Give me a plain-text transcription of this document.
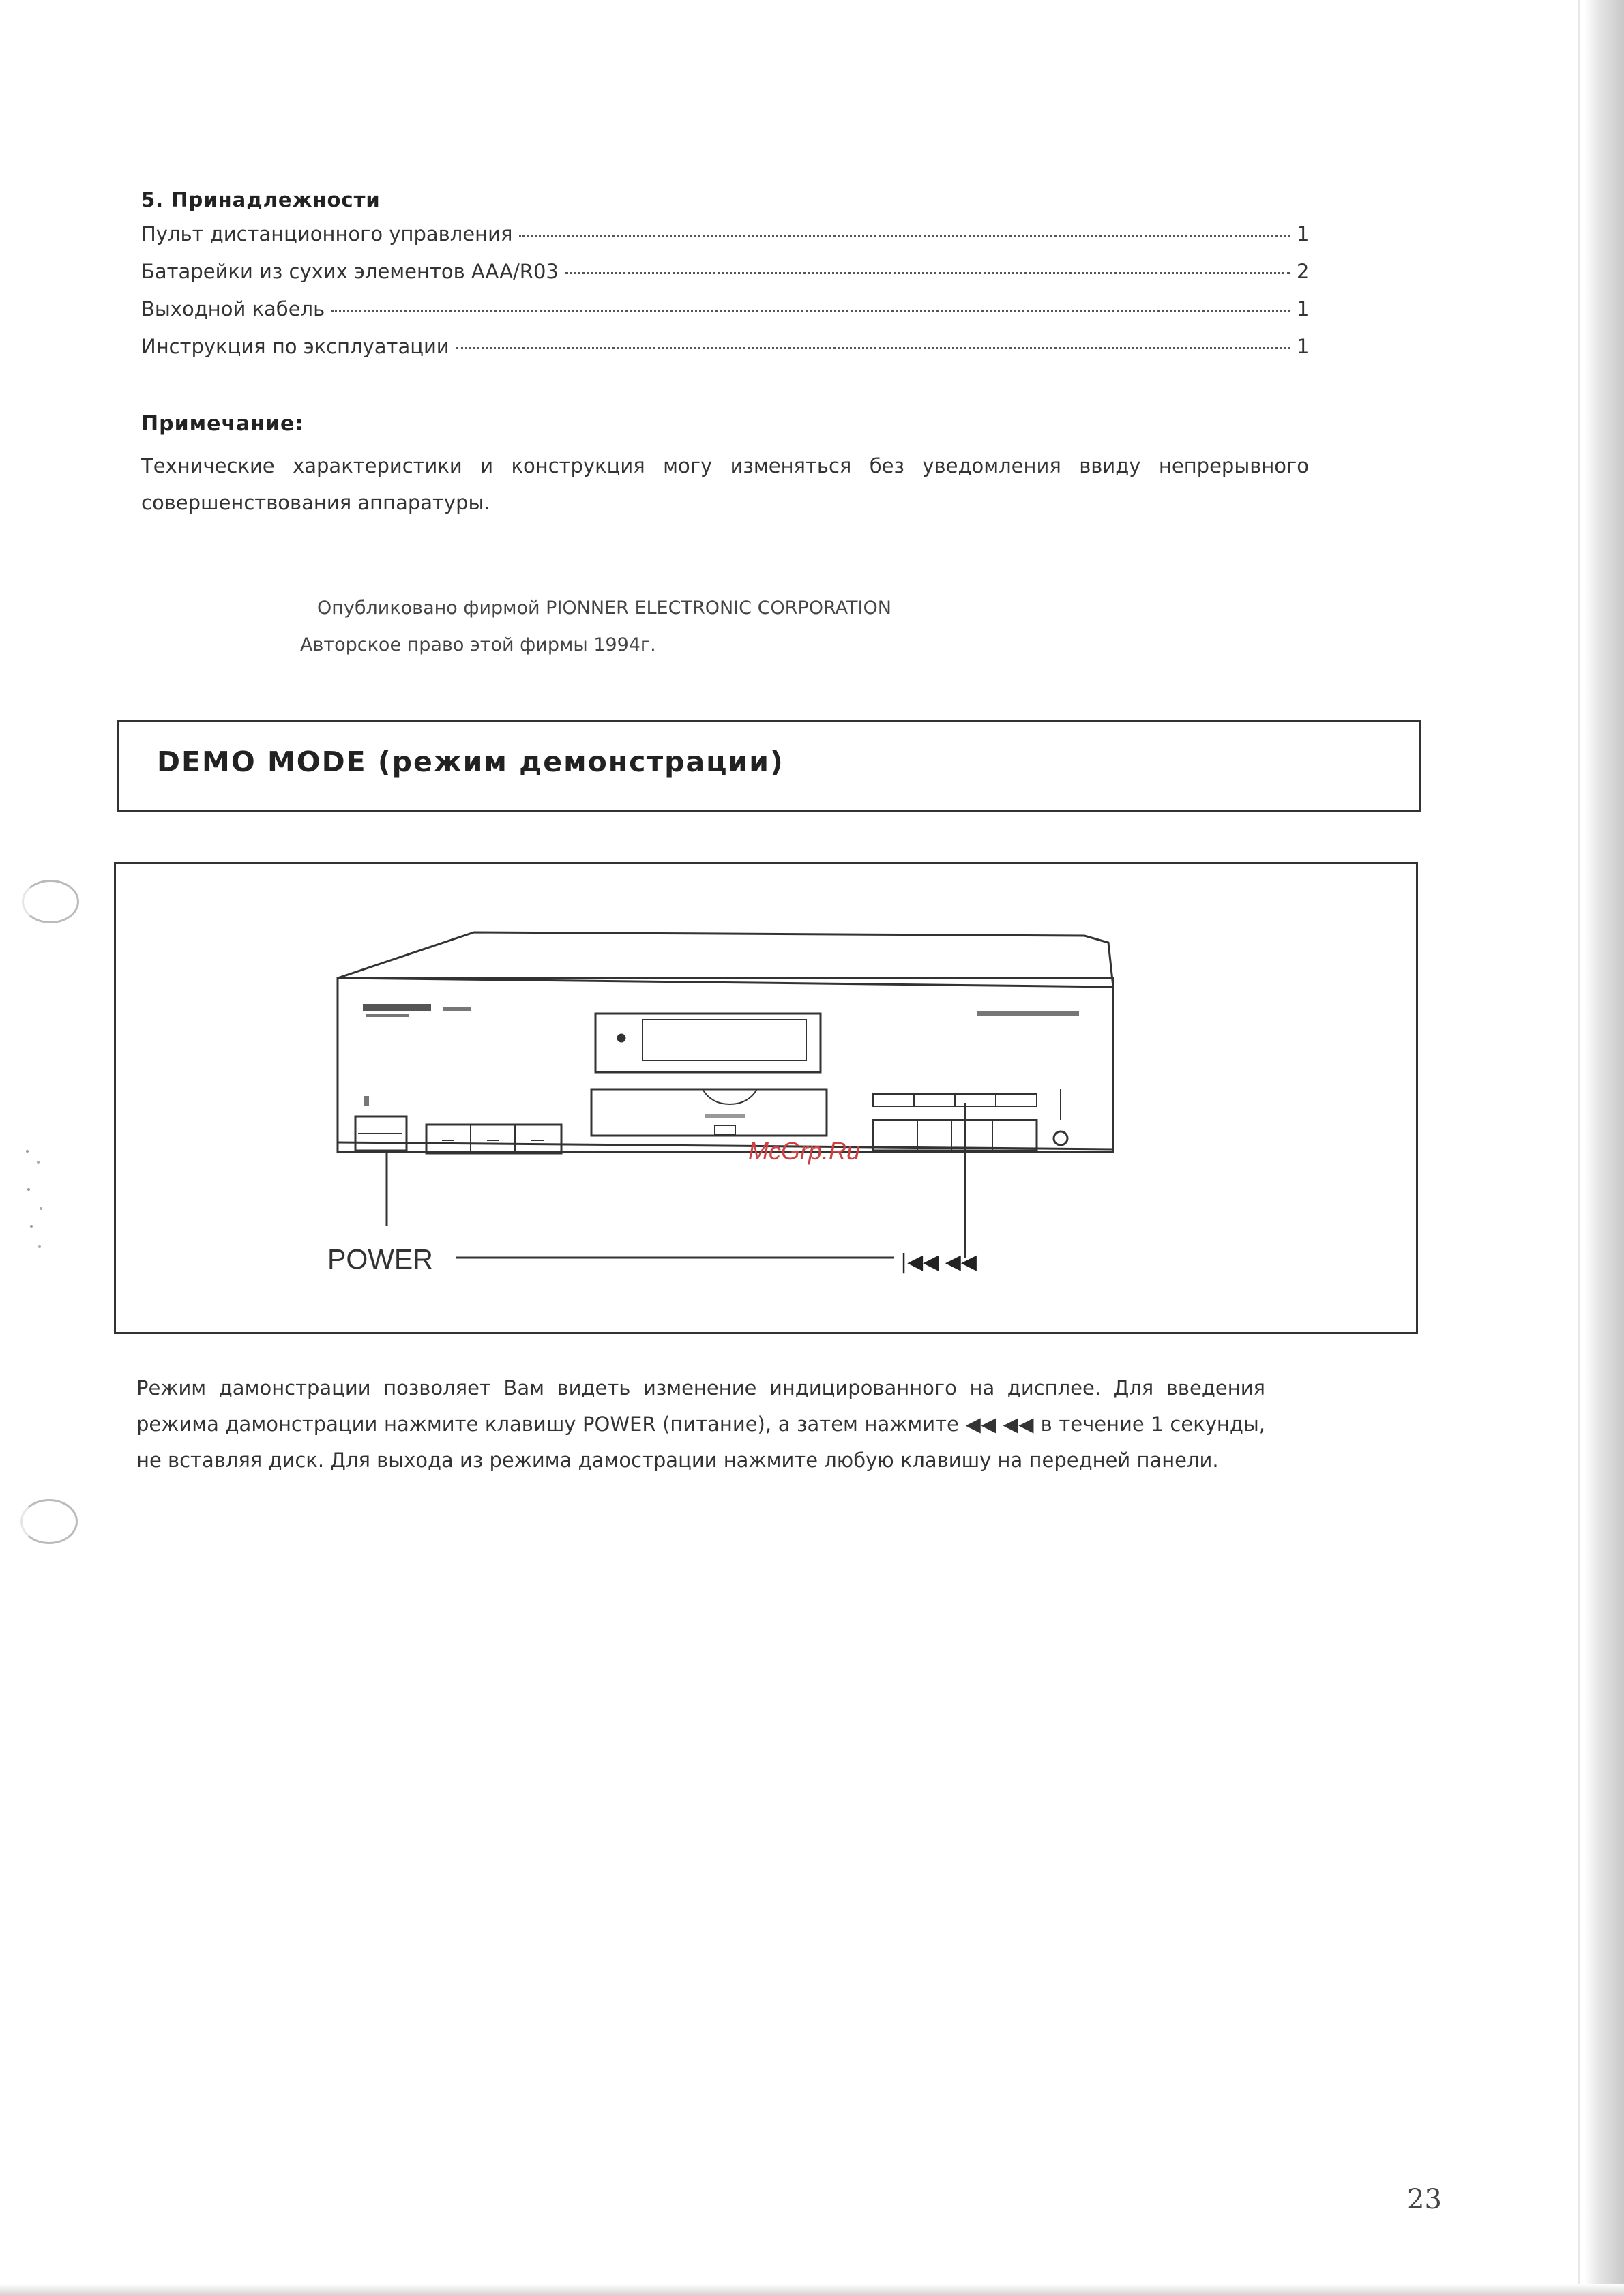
5. Принадлежности
Пульт дистанционного управления	1
Батарейки из сухих элементов AAA/R03	2
Выходной кабель	1
Инструкция по эксплуатации	1
Примечание:

Технические характеристики и конструкция могу изменяться без уведомления ввиду непрерывного совершенствования аппаратуры.

Опубликовано фирмой PIONNER ELECTRONIC CORPORATION
Авторское право этой фирмы 1994г.
DEMO MODE (режим демонстрации)
POWER	|◀◀ ◀◀
McGrp.Ru

Режим дамонстрации позволяет Вам видеть изменение индицированного на дисплее. Для введения режима дамонстрации нажмите клавишу POWER (питание), а затем нажмите ◀◀ ◀◀ в течение 1 секунды, не вставляя диск. Для выхода из режима дамострации нажмите любую клавишу на передней панели.

23
